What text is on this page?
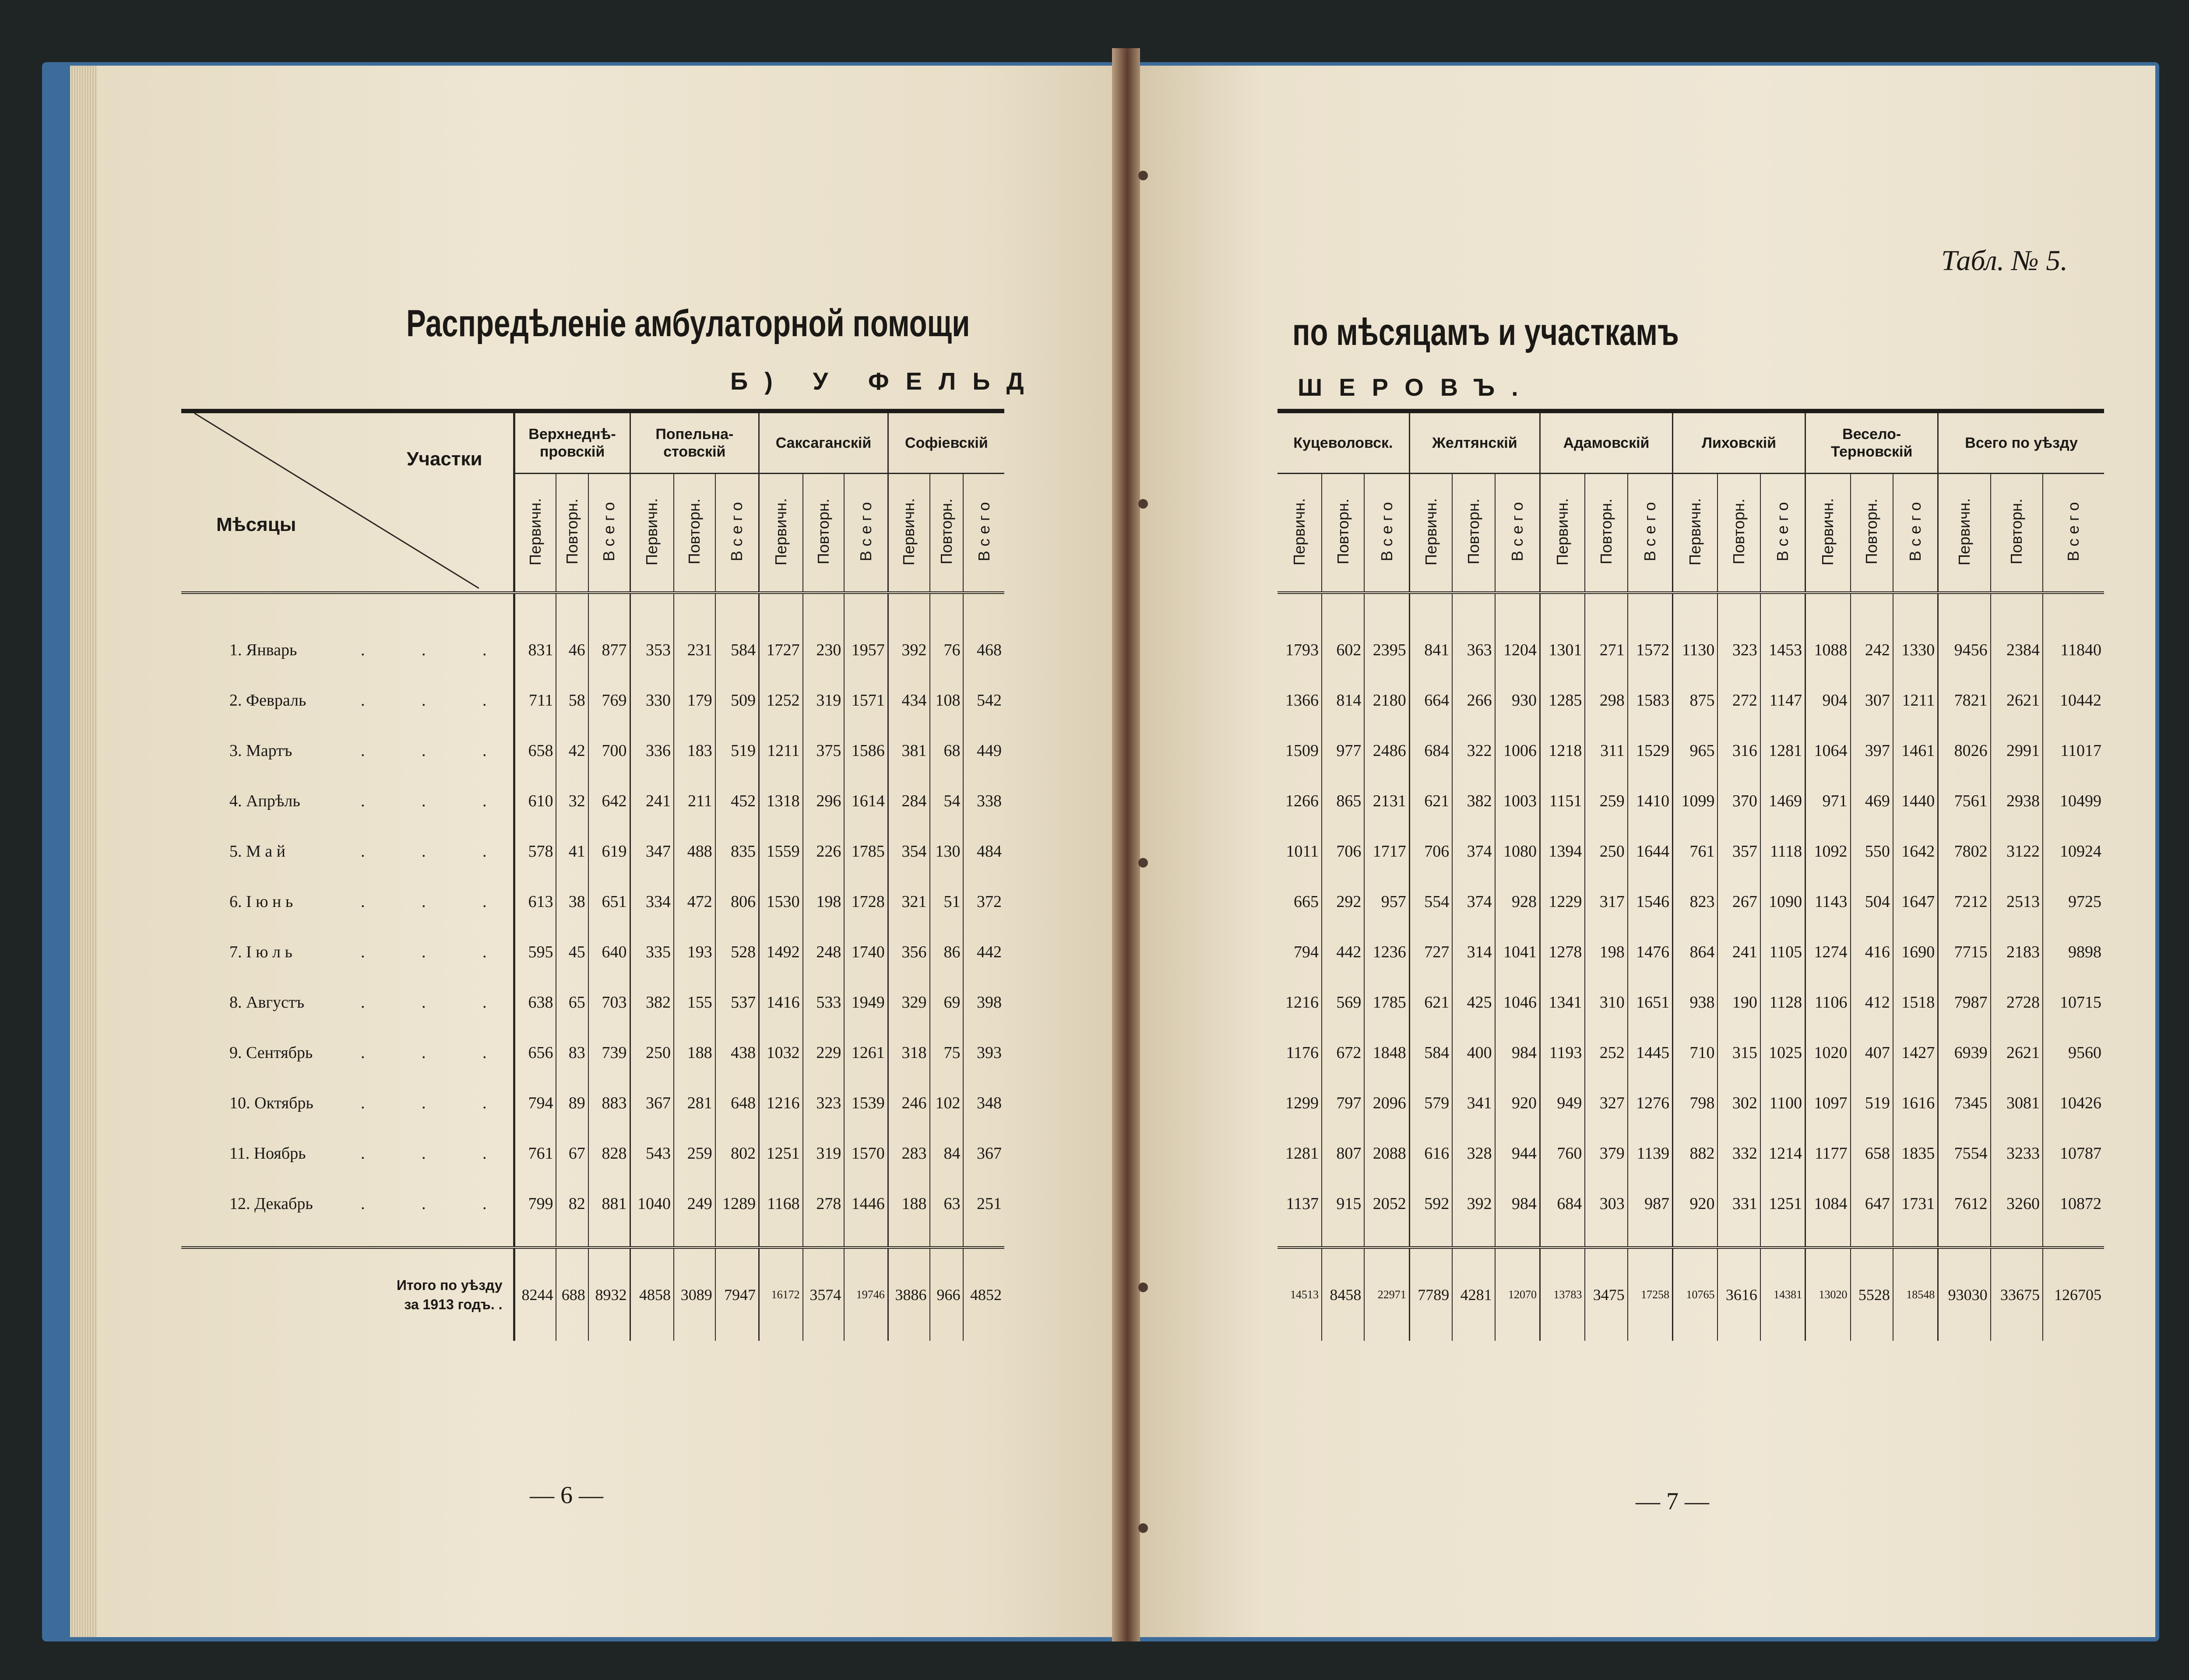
Распредѣленіе амбулаторной помощи
Б) У ФЕЛЬД
Участки
Мѣсяцы	Верхнеднѣ-
провскій			Попельна-
стовскій			Саксаганскій			Софіевскій		
	Первичн.	Повторн.	В с е г о	Первичн.	Повторн.	В с е г о	Первичн.	Повторн.	В с е г о	Первичн.	Повторн.	В с е г о

1. Январь . . .	831	46	877	353	231	584	1727	230	1957	392	76	468
2. Февраль . . .	711	58	769	330	179	509	1252	319	1571	434	108	542
3. Мартъ . . .	658	42	700	336	183	519	1211	375	1586	381	68	449
4. Апрѣль . . .	610	32	642	241	211	452	1318	296	1614	284	54	338
5. М а й . . .	578	41	619	347	488	835	1559	226	1785	354	130	484
6. І ю н ь . . .	613	38	651	334	472	806	1530	198	1728	321	51	372
7. І ю л ь . . .	595	45	640	335	193	528	1492	248	1740	356	86	442
8. Августъ . . .	638	65	703	382	155	537	1416	533	1949	329	69	398
9. Сентябрь . . .	656	83	739	250	188	438	1032	229	1261	318	75	393
10. Октябрь . . .	794	89	883	367	281	648	1216	323	1539	246	102	348
11. Ноябрь . . .	761	67	828	543	259	802	1251	319	1570	283	84	367
12. Декабрь . . .	799	82	881	1040	249	1289	1168	278	1446	188	63	251

Итого по уѣзду
за 1913 годъ. .	8244	688	8932	4858	3089	7947	16172	3574	19746	3886	966	4852
— 6 —
Табл. № 5.
по мѣсяцамъ и участкамъ
ШЕРОВЪ.
Куцеволовск.			Желтянскій			Адамовскій			Лиховскій			Весело-
Терновскій			Всего по уѣзду		
Первичн.	Повторн.	В с е г о	Первичн.	Повторн.	В с е г о	Первичн.	Повторн.	В с е г о	Первичн.	Повторн.	В с е г о	Первичн.	Повторн.	В с е г о	Первичн.	Повторн.	В с е г о

1793	602	2395	841	363	1204	1301	271	1572	1130	323	1453	1088	242	1330	9456	2384	11840
1366	814	2180	664	266	930	1285	298	1583	875	272	1147	904	307	1211	7821	2621	10442
1509	977	2486	684	322	1006	1218	311	1529	965	316	1281	1064	397	1461	8026	2991	11017
1266	865	2131	621	382	1003	1151	259	1410	1099	370	1469	971	469	1440	7561	2938	10499
1011	706	1717	706	374	1080	1394	250	1644	761	357	1118	1092	550	1642	7802	3122	10924
665	292	957	554	374	928	1229	317	1546	823	267	1090	1143	504	1647	7212	2513	9725
794	442	1236	727	314	1041	1278	198	1476	864	241	1105	1274	416	1690	7715	2183	9898
1216	569	1785	621	425	1046	1341	310	1651	938	190	1128	1106	412	1518	7987	2728	10715
1176	672	1848	584	400	984	1193	252	1445	710	315	1025	1020	407	1427	6939	2621	9560
1299	797	2096	579	341	920	949	327	1276	798	302	1100	1097	519	1616	7345	3081	10426
1281	807	2088	616	328	944	760	379	1139	882	332	1214	1177	658	1835	7554	3233	10787
1137	915	2052	592	392	984	684	303	987	920	331	1251	1084	647	1731	7612	3260	10872

14513	8458	22971	7789	4281	12070	13783	3475	17258	10765	3616	14381	13020	5528	18548	93030	33675	126705
— 7 —
